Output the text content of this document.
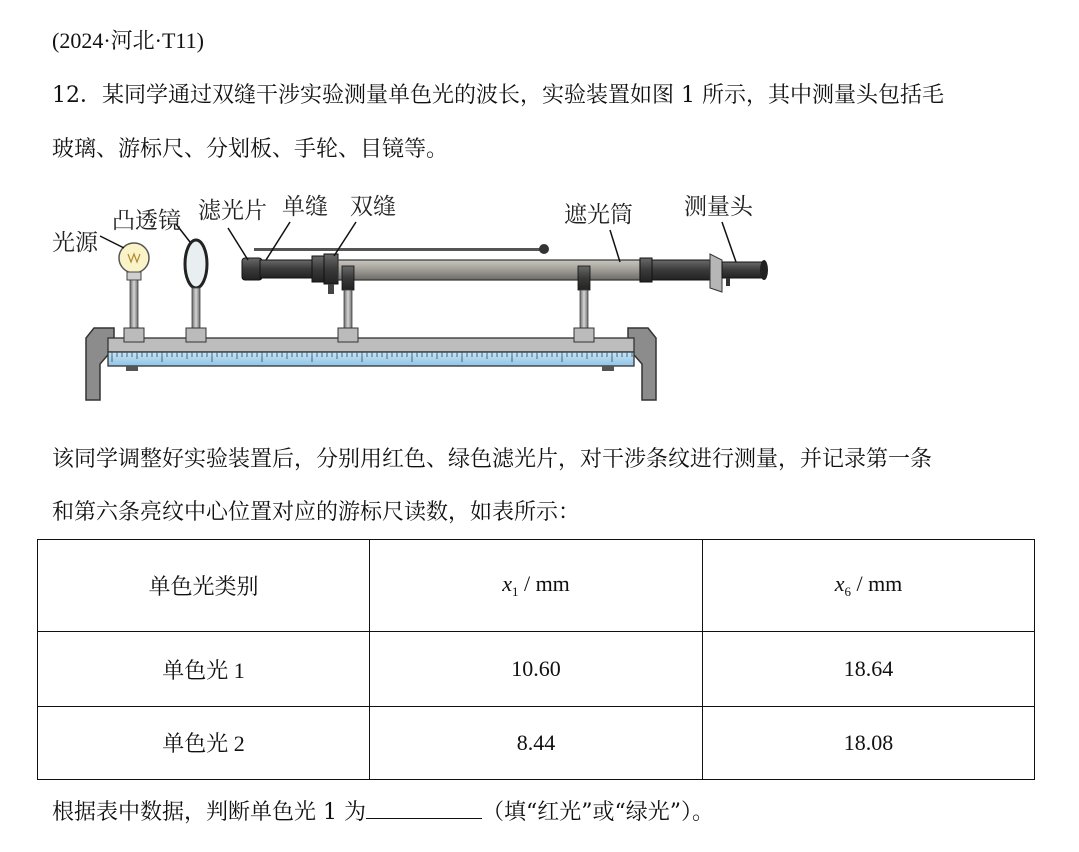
(2024·河北·T11)
12．某同学通过双缝干涉实验测量单色光的波长，实验装置如图 1 所示，其中测量头包括毛
玻璃、游标尺、分划板、手轮、目镜等。
光源
凸透镜 滤光片 单缝 双缝	遮光筒 测量头
该同学调整好实验装置后，分别用红色、绿色滤光片，对干涉条纹进行测量，并记录第一条
和第六条亮纹中心位置对应的游标尺读数，如表所示：
单色光类别	$x_1$ / mm	$x_6$ / mm
单色光 1	10.60	18.64
单色光 2	8.44	18.08
根据表中数据，判断单色光 1 为	（填“红光”或“绿光”）。
